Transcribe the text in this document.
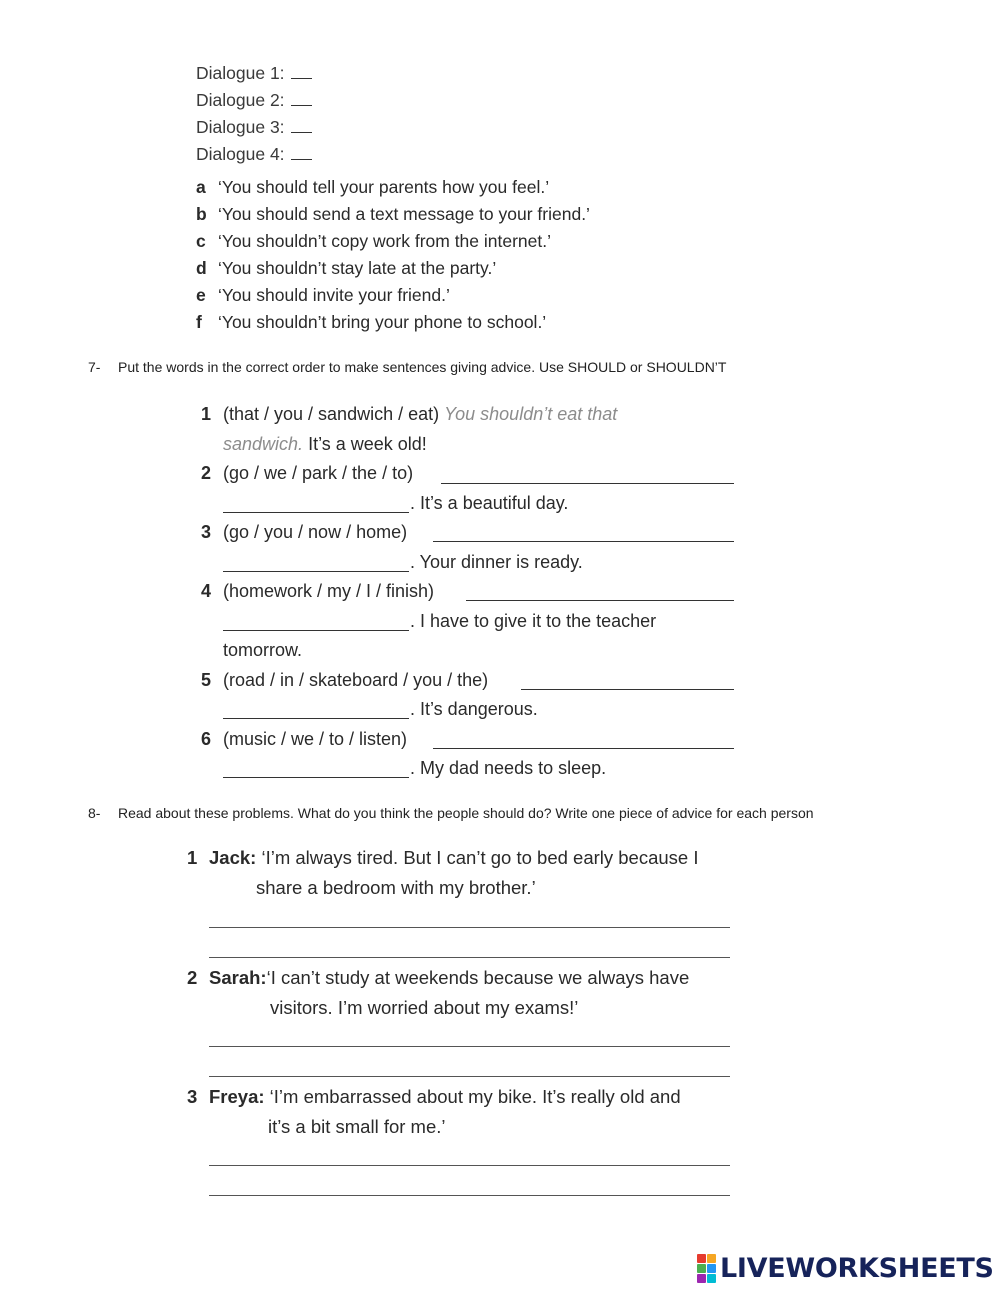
Dialogue 1:
Dialogue 2:
Dialogue 3:
Dialogue 4:
a ‘You should tell your parents how you feel.’
b ‘You should send a text message to your friend.’
c ‘You shouldn’t copy work from the internet.’
d ‘You shouldn’t stay late at the party.’
e ‘You should invite your friend.’
f ‘You shouldn’t bring your phone to school.’
7- Put the words in the correct order to make sentences giving advice. Use SHOULD or SHOULDN’T
1 (that / you / sandwich / eat) You shouldn’t eat that
sandwich. It’s a week old!
2 (go / we / park / the / to)
. It’s a beautiful day.
3 (go / you / now / home)
. Your dinner is ready.
4 (homework / my / I / finish)
. I have to give it to the teacher
tomorrow.
5 (road / in / skateboard / you / the)
. It’s dangerous.
6 (music / we / to / listen)
. My dad needs to sleep.
8- Read about these problems. What do you think the people should do? Write one piece of advice for each person
1 Jack: ‘I’m always tired. But I can’t go to bed early because I
share a bedroom with my brother.’
2 Sarah:‘I can’t study at weekends because we always have
visitors. I’m worried about my exams!’
3 Freya: ‘I’m embarrassed about my bike. It’s really old and
it’s a bit small for me.’
LIVEWORKSHEETS
